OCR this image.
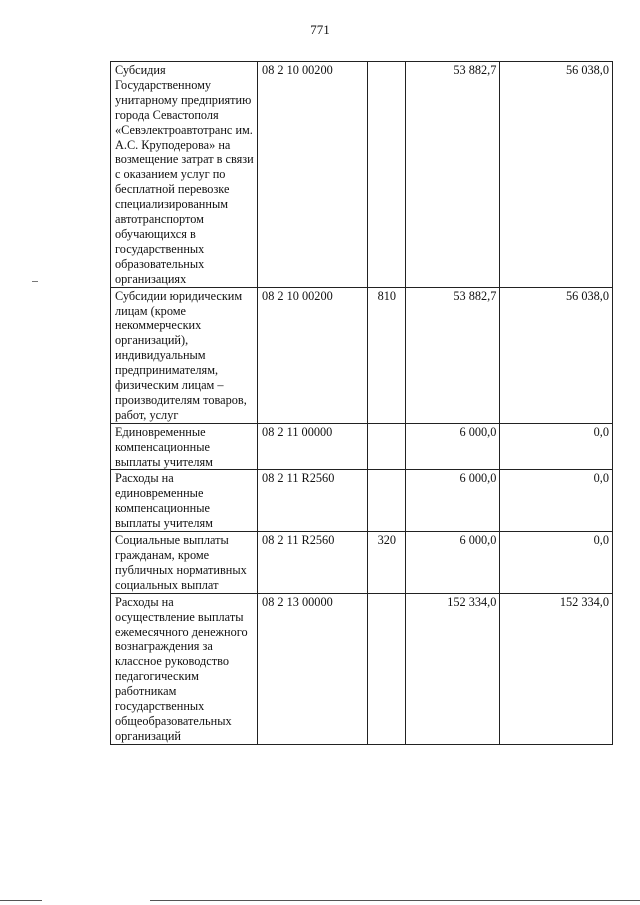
771
Субсидия Государственному унитарному предприятию города Севастополя «Севэлектроавтотранс им. А.С. Круподерова» на возмещение затрат в связи с оказанием услуг по бесплатной перевозке специализированным автотранспортом обучающихся в государственных образовательных организациях	08 2 10 00200		53 882,7	56 038,0
Субсидии юридическим лицам (кроме некоммерческих организаций), индивидуальным предпринимателям, физическим лицам – производителям товаров, работ, услуг	08 2 10 00200	810	53 882,7	56 038,0
Единовременные компенсационные выплаты учителям	08 2 11 00000		6 000,0	0,0
Расходы на единовременные компенсационные выплаты учителям	08 2 11 R2560		6 000,0	0,0
Социальные выплаты гражданам, кроме публичных нормативных социальных выплат	08 2 11 R2560	320	6 000,0	0,0
Расходы на осуществление выплаты ежемесячного денежного вознаграждения за классное руководство педагогическим работникам государственных общеобразовательных организаций	08 2 13 00000		152 334,0	152 334,0
